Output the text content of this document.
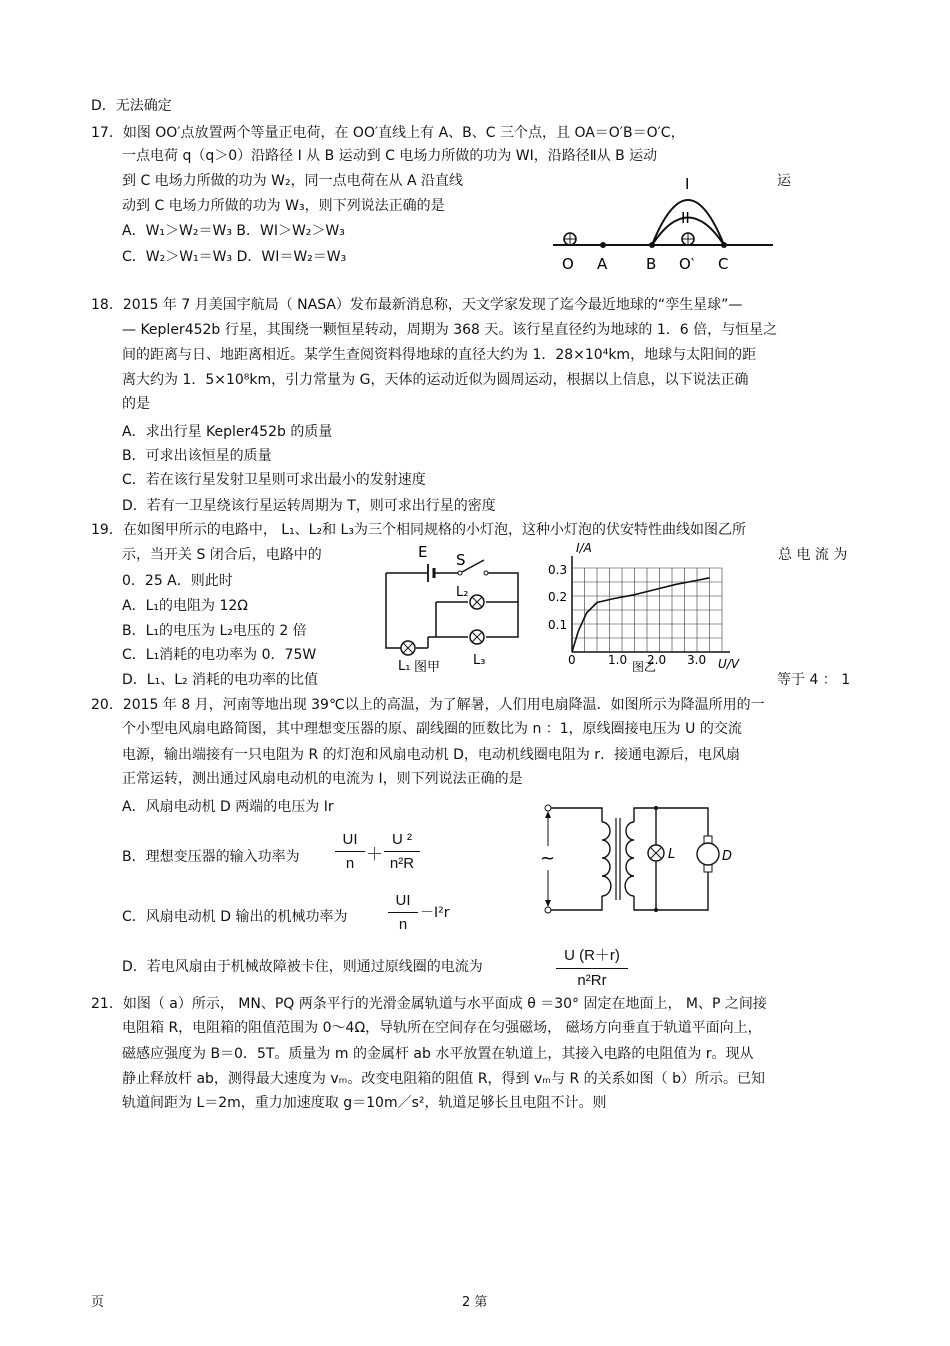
D．无法确定
17．如图 OO′点放置两个等量正电荷，在 OO′直线上有 A、B、C 三个点，且 OA＝O′B＝O′C，
一点电荷 q（q＞0）沿路径 I 从 B 运动到 C 电场力所做的功为 WⅠ，沿路径Ⅱ从 B 运动
到 C 电场力所做的功为 W₂，同一点电荷在从 A 沿直线	运
动到 C 电场力所做的功为 W₃，则下列说法正确的是
A．W₁＞W₂＝W₃ B．WⅠ＞W₂＞W₃
C．W₂＞W₁＝W₃ D．WⅠ＝W₂＝W₃	O A	B O‵ C
I
II
18．2015 年 7 月美国宇航局（ NASA）发布最新消息称，天文学家发现了迄今最近地球的“孪生星球”—
— Kepler452b 行星，其围绕一颗恒星转动，周期为 368 天。该行星直径约为地球的 1．6 倍，与恒星之
间的距离与日、地距离相近。某学生查阅资料得地球的直径大约为 1．28×10⁴km，地球与太阳间的距
离大约为 1．5×10⁸km，引力常量为 G，天体的运动近似为圆周运动，根据以上信息，以下说法正确
的是
A．求出行星 Kepler452b 的质量
B．可求出该恒星的质量
C．若在该行星发射卫星则可求出最小的发射速度
D．若有一卫星绕该行星运转周期为 T，则可求出行星的密度
19．在如图甲所示的电路中， L₁、L₂和 L₃为三个相同规格的小灯泡，这种小灯泡的伏安特性曲线如图乙所
示，当开关 S 闭合后，电路中的	总 电 流 为
0．25 A．则此时
A．L₁的电阻为 12Ω
B．L₁的电压为 L₂电压的 2 倍
C．L₁消耗的电功率为 0．75W
D．L₁、L₂ 消耗的电功率的比值	等于 4 ： 1
E S
L₂
L₁	L₃
图甲
I/A
U/V
0.3
0.2
0.1
0	1.0 2.0 3.0
图乙
20．2015 年 8 月，河南等地出现 39℃以上的高温，为了解暑，人们用电扇降温．如图所示为降温所用的一
个小型电风扇电路简图，其中理想变压器的原、副线圈的匝数比为 n ：1，原线圈接电压为 U 的交流
电源，输出端接有一只电阻为 R 的灯泡和风扇电动机 D，电动机线圈电阻为 r．接通电源后，电风扇
正常运转，测出通过风扇电动机的电流为 I，则下列说法正确的是
A．风扇电动机 D 两端的电压为 Ir
B．理想变压器的输入功率为 $\frac{UI}{n} + \frac{\text{U ²}}{\text{n²R}}$
C．风扇电动机 D 输出的机械功率为	$\frac{UI}{n} -I^2r$
D．若电风扇由于机械故障被卡住，则通过原线圈的电流为	$\frac{U (R+r)}{\text{n²Rr}}$
~	L	D
21．如图（ a）所示， MN、PQ 两条平行的光滑金属轨道与水平面成 θ ＝30° 固定在地面上， M、P 之间接
电阻箱 R，电阻箱的阻值范围为 0～4Ω，导轨所在空间存在匀强磁场， 磁场方向垂直于轨道平面向上，
磁感应强度为 B＝0．5T。质量为 m 的金属杆 ab 水平放置在轨道上，其接入电路的电阻值为 r。现从
静止释放杆 ab，测得最大速度为 vₘ。改变电阻箱的阻值 R，得到 vₘ与 R 的关系如图（ b）所示。已知
轨道间距为 L＝2m，重力加速度取 g＝10m／s²，轨道足够长且电阻不计。则
页	2 第
